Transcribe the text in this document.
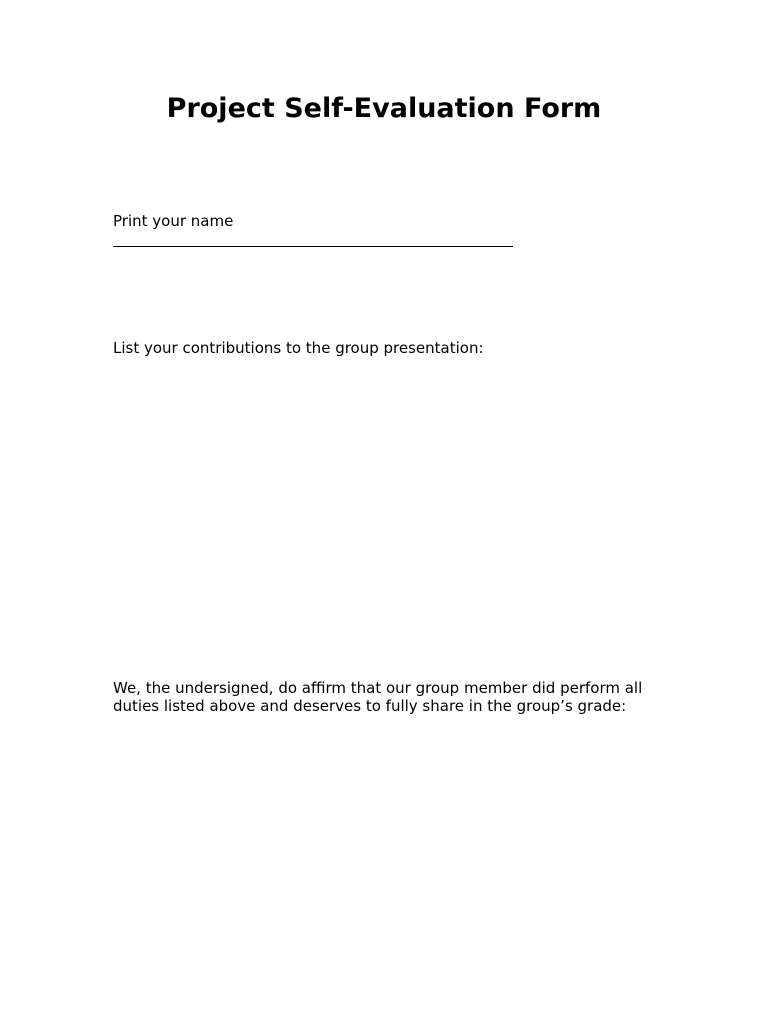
Project Self-Evaluation Form

Print your name

List your contributions to the group presentation:

We, the undersigned, do affirm that our group member did perform all duties listed above and deserves to fully share in the group’s grade:
